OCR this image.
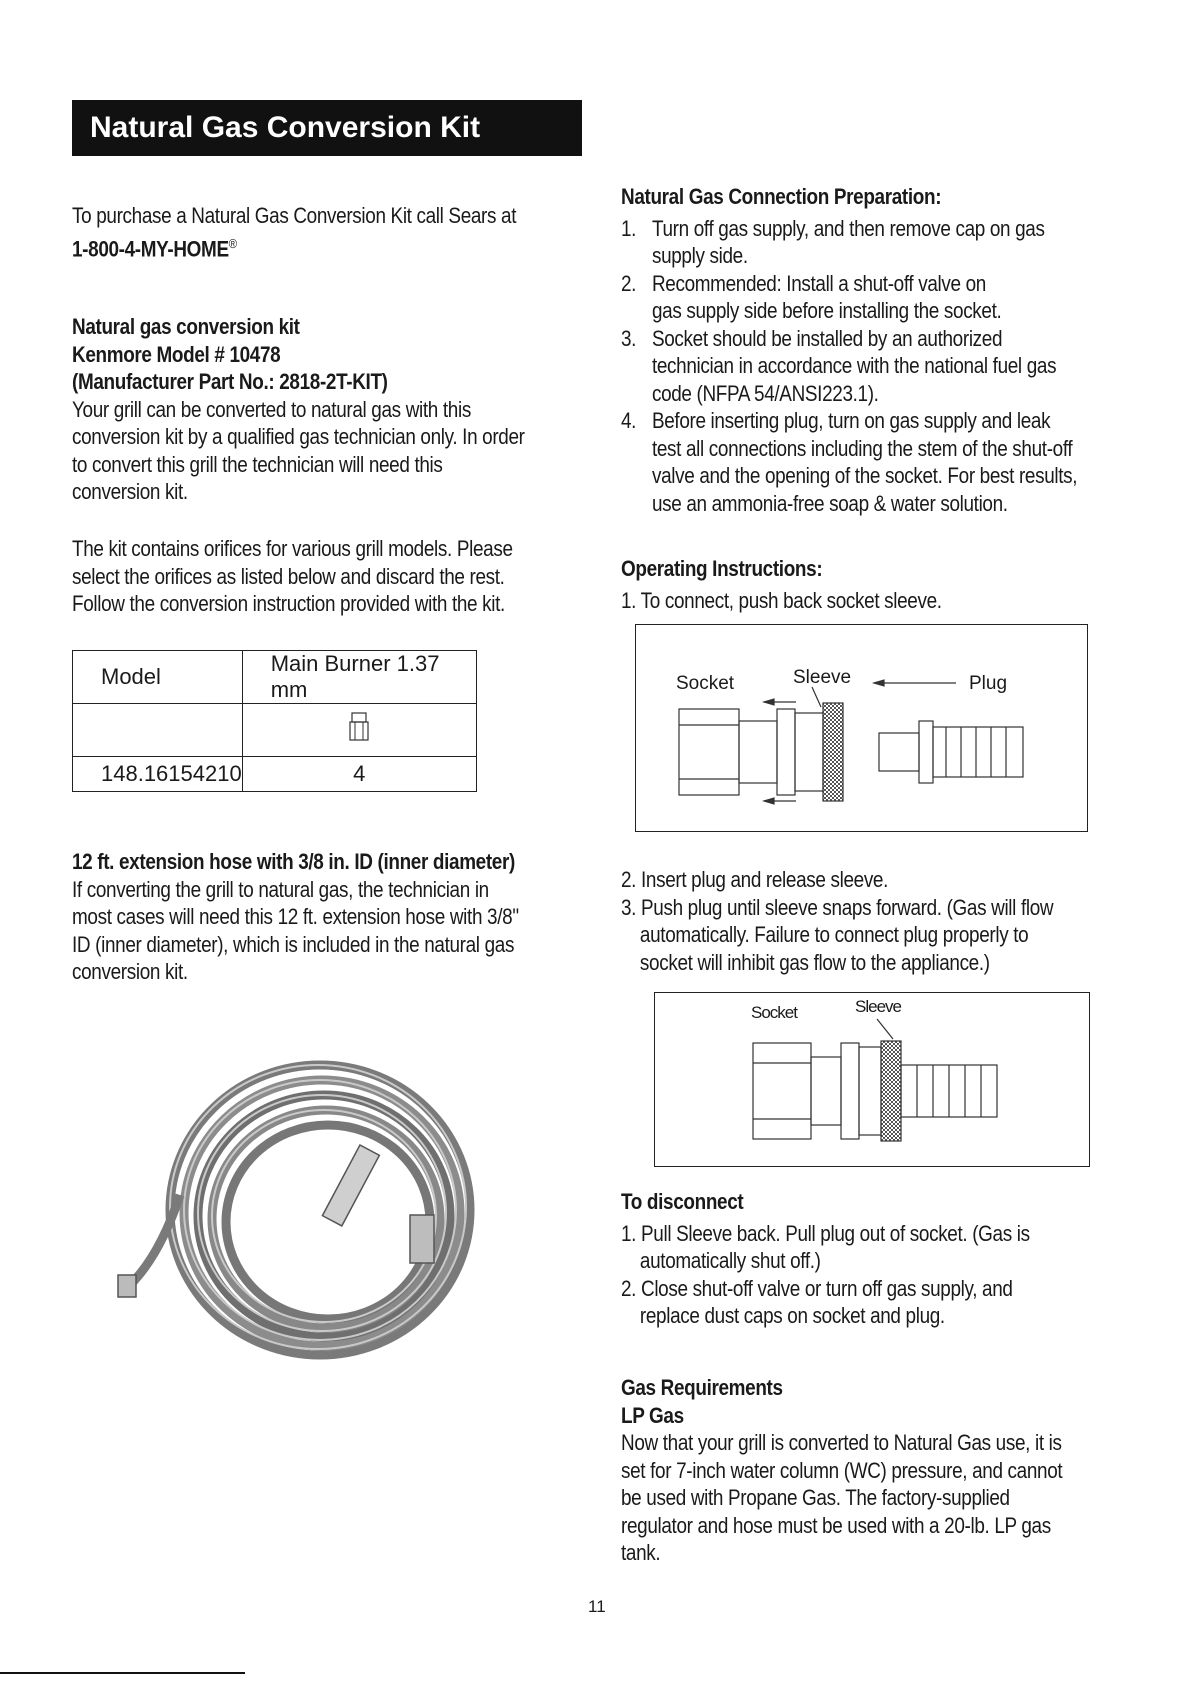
Natural Gas Conversion Kit
To purchase a Natural Gas Conversion Kit call Sears at
1-800-4-MY-HOME®
Natural gas conversion kit
Kenmore Model # 10478
(Manufacturer Part No.: 2818-2T-KIT)
Your grill can be converted to natural gas with this
conversion kit by a qualified gas technician only. In order
to convert this grill the technician will need this
conversion kit.
The kit contains orifices for various grill models. Please
select the orifices as listed below and discard the rest.
Follow the conversion instruction provided with the kit.
Model	Main Burner 1.37 mm

148.16154210	4
12 ft. extension hose with 3/8 in. ID (inner diameter)
If converting the grill to natural gas, the technician in
most cases will need this 12 ft. extension hose with 3/8"
ID (inner diameter), which is included in the natural gas
conversion kit.
Natural Gas Connection Preparation:
1. Turn off gas supply, and then remove cap on gas
supply side.
2. Recommended: Install a shut-off valve on
gas supply side before installing the socket.
3. Socket should be installed by an authorized
technician in accordance with the national fuel gas
code (NFPA 54/ANSI223.1).
4. Before inserting plug, turn on gas supply and leak
test all connections including the stem of the shut-off
valve and the opening of the socket. For best results,
use an ammonia-free soap & water solution.
Operating Instructions:
1. To connect, push back socket sleeve.
Socket	Sleeve	Plug
2. Insert plug and release sleeve.
3. Push plug until sleeve snaps forward. (Gas will flow
automatically. Failure to connect plug properly to
socket will inhibit gas flow to the appliance.)
Socket	Sleeve
To disconnect
1. Pull Sleeve back. Pull plug out of socket. (Gas is
automatically shut off.)
2. Close shut-off valve or turn off gas supply, and
replace dust caps on socket and plug.
Gas Requirements
LP Gas
Now that your grill is converted to Natural Gas use, it is
set for 7-inch water column (WC) pressure, and cannot
be used with Propane Gas. The factory-supplied
regulator and hose must be used with a 20-lb. LP gas
tank.
11
